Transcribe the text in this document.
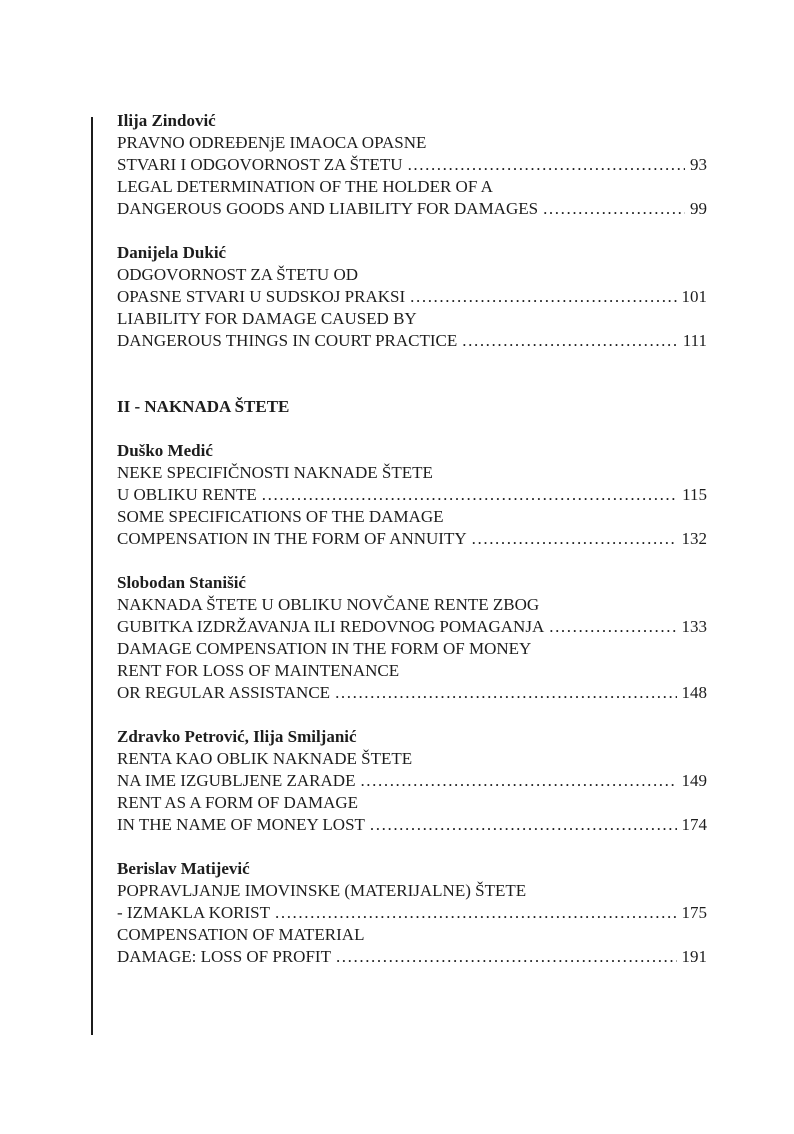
Ilija Zindović
PRAVNO ODREĐENjE IMAOCA OPASNE
STVARI I ODGOVORNOST ZA ŠTETU .....	93
LEGAL DETERMINATION OF THE HOLDER OF A
DANGEROUS GOODS AND LIABILITY FOR DAMAGES .....	99
Danijela Dukić
ODGOVORNOST ZA ŠTETU OD
OPASNE STVARI U SUDSKOJ PRAKSI .....	101
LIABILITY FOR DAMAGE CAUSED BY
DANGEROUS THINGS IN COURT PRACTICE .....	111
II - NAKNADA ŠTETE
Duško Medić
NEKE SPECIFIČNOSTI NAKNADE ŠTETE
U OBLIKU RENTE .....	115
SOME SPECIFICATIONS OF THE DAMAGE
COMPENSATION IN THE FORM OF ANNUITY .....	132
Slobodan Stanišić
NAKNADA ŠTETE U OBLIKU NOVČANE RENTE ZBOG
GUBITKA IZDRŽAVANJA ILI REDOVNOG POMAGANJA .....	133
DAMAGE COMPENSATION IN THE FORM OF MONEY
RENT FOR LOSS OF MAINTENANCE
OR REGULAR ASSISTANCE .....	148
Zdravko Petrović, Ilija Smiljanić
RENTA KAO OBLIK NAKNADE ŠTETE
NA IME IZGUBLJENE ZARADE .....	149
RENT AS A FORM OF DAMAGE
IN THE NAME OF MONEY LOST .....	174
Berislav Matijević
POPRAVLJANJE IMOVINSKE (MATERIJALNE) ŠTETE
- IZMAKLA KORIST .....	175
COMPENSATION OF MATERIAL
DAMAGE: LOSS OF PROFIT .....	191
